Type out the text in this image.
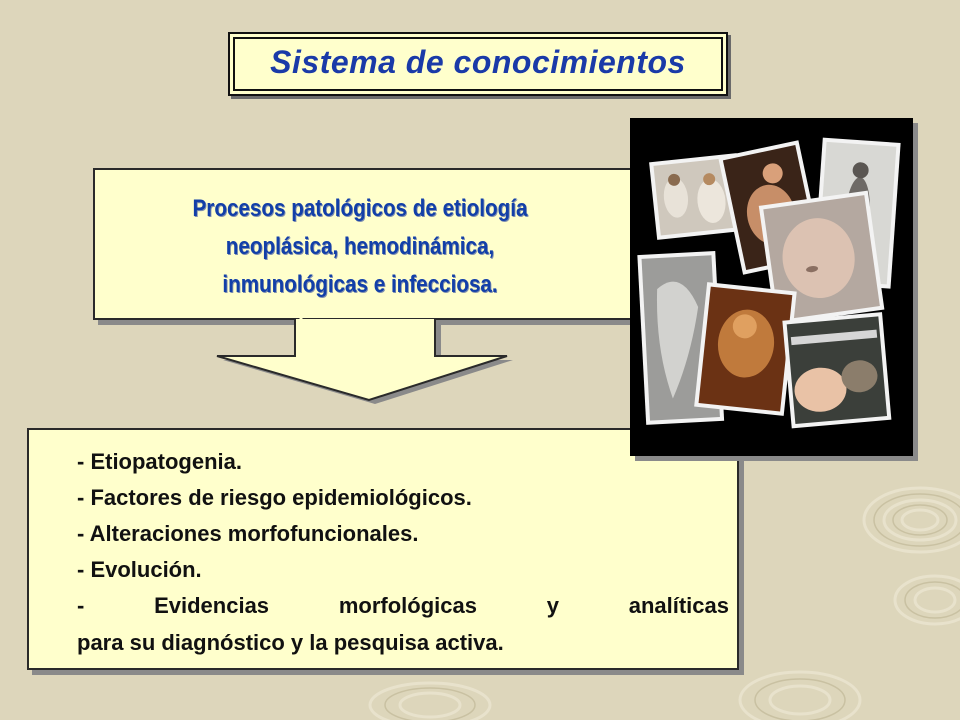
Sistema de conocimientos
Procesos patológicos de etiología
neoplásica, hemodinámica,
inmunológicas e infecciosa.
- Etiopatogenia.
- Factores de riesgo epidemiológicos.
- Alteraciones morfofuncionales.
- Evolución.
- Evidencias morfológicas y analíticas
para su diagnóstico y la pesquisa activa.
